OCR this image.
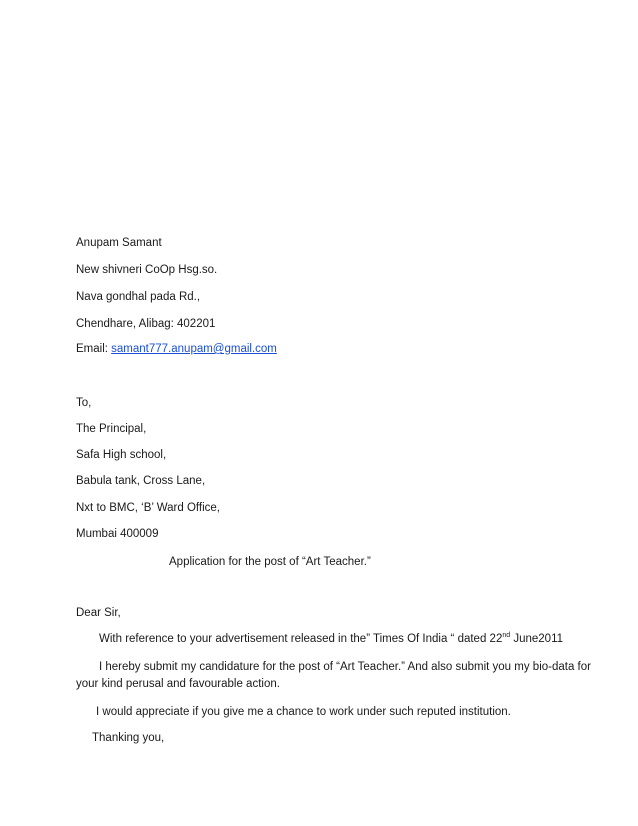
Anupam Samant
New shivneri CoOp Hsg.so.
Nava gondhal pada Rd.,
Chendhare, Alibag: 402201
Email: samant777.anupam@gmail.com
To,
The Principal,
Safa High school,
Babula tank, Cross Lane,
Nxt to BMC, ‘B’ Ward Office,
Mumbai 400009
Application for the post of “Art Teacher.”
Dear Sir,
With reference to your advertisement released in the” Times Of India “ dated 22nd June2011
I hereby submit my candidature for the post of “Art Teacher.” And also submit you my bio-data for
your kind perusal and favourable action.
I would appreciate if you give me a chance to work under such reputed institution.
Thanking you,
